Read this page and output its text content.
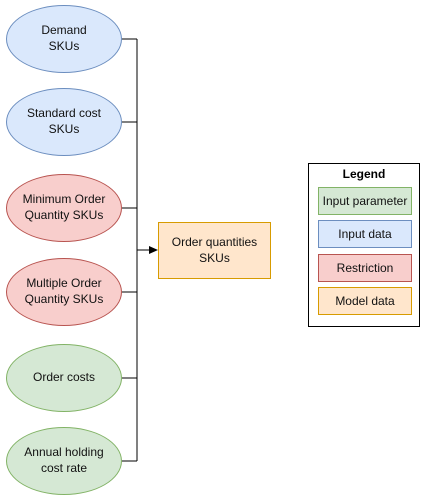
Demand
SKUs
Standard cost
SKUs
Minimum Order
Quantity SKUs
Multiple Order
Quantity SKUs
Order costs
Annual holding
cost rate
Order quantities
SKUs
Legend
Input parameter
Input data
Restriction
Model data
